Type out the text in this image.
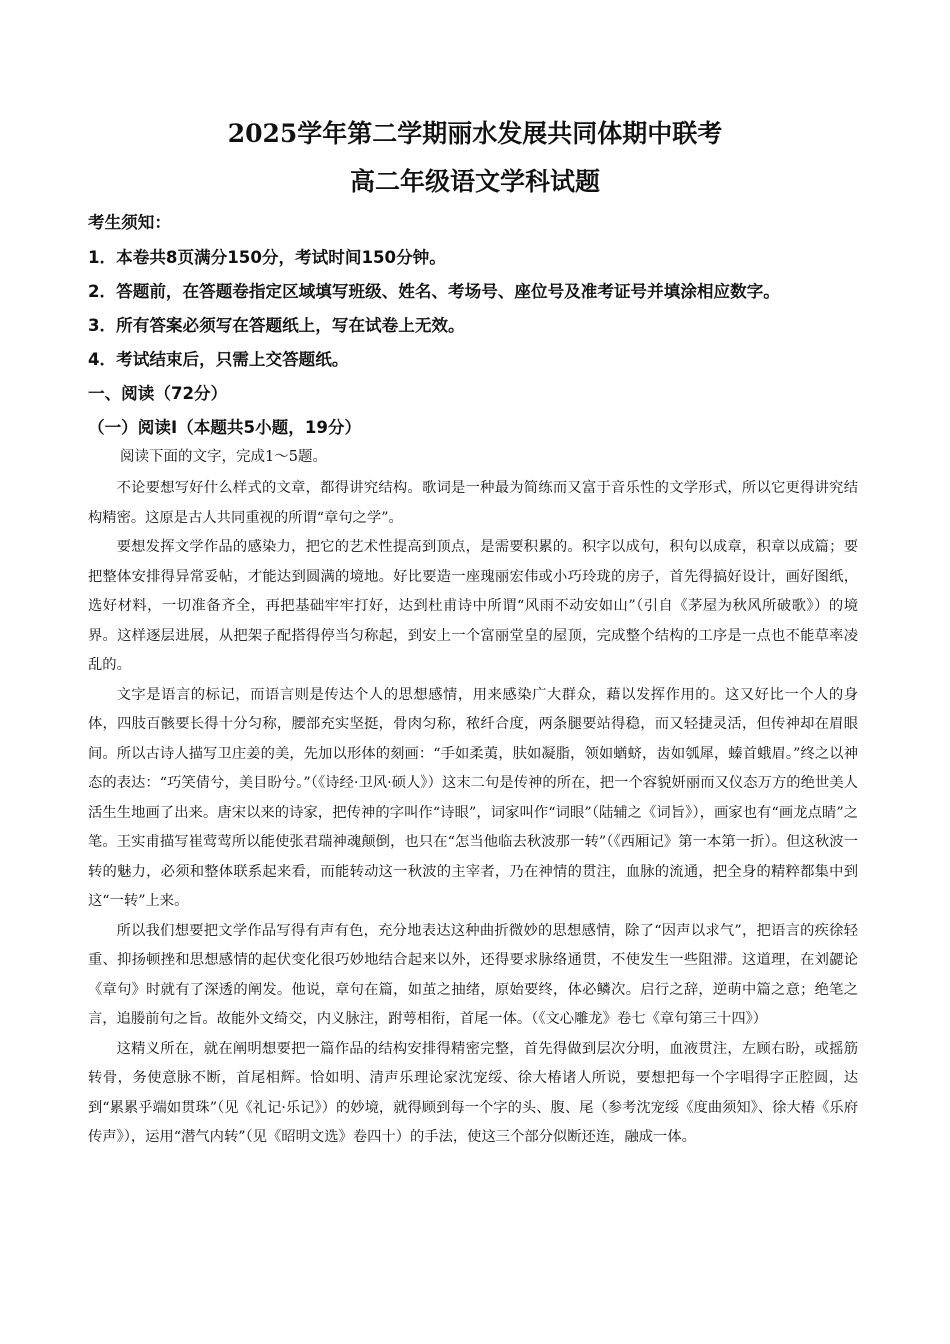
2025学年第二学期丽水发展共同体期中联考
高二年级语文学科试题
考生须知：
1．本卷共8页满分150分，考试时间150分钟。
2．答题前，在答题卷指定区域填写班级、姓名、考场号、座位号及准考证号并填涂相应数字。
3．所有答案必须写在答题纸上，写在试卷上无效。
4．考试结束后，只需上交答题纸。
一、阅读（72分）
（一）阅读Ⅰ（本题共5小题，19分）
阅读下面的文字，完成1～5题。

不论要想写好什么样式的文章，都得讲究结构。歌词是一种最为简练而又富于音乐性的文学形式，所以它更得讲究结构精密。这原是古人共同重视的所谓“章句之学”。

要想发挥文学作品的感染力，把它的艺术性提高到顶点，是需要积累的。积字以成句，积句以成章，积章以成篇；要把整体安排得异常妥帖，才能达到圆满的境地。好比要造一座瑰丽宏伟或小巧玲珑的房子，首先得搞好设计，画好图纸，选好材料，一切准备齐全，再把基础牢牢打好，达到杜甫诗中所谓“风雨不动安如山”（引自《茅屋为秋风所破歌》）的境界。这样逐层进展，从把架子配搭得停当匀称起，到安上一个富丽堂皇的屋顶，完成整个结构的工序是一点也不能草率凌乱的。

文字是语言的标记，而语言则是传达个人的思想感情，用来感染广大群众，藉以发挥作用的。这又好比一个人的身体，四肢百骸要长得十分匀称，腰部充实坚挺，骨肉匀称，秾纤合度，两条腿要站得稳，而又轻捷灵活，但传神却在眉眼间。所以古诗人描写卫庄姜的美，先加以形体的刻画：“手如柔荑，肤如凝脂，领如蝤蛴，齿如瓠犀，螓首蛾眉。”终之以神态的表达：“巧笑倩兮，美目盼兮。”（《诗经·卫风·硕人》）这末二句是传神的所在，把一个容貌妍丽而又仪态万方的绝世美人活生生地画了出来。唐宋以来的诗家，把传神的字叫作“诗眼”，词家叫作“词眼”（陆辅之《词旨》），画家也有“画龙点睛”之笔。王实甫描写崔莺莺所以能使张君瑞神魂颠倒，也只在“怎当他临去秋波那一转”（《西厢记》第一本第一折）。但这秋波一转的魅力，必须和整体联系起来看，而能转动这一秋波的主宰者，乃在神情的贯注，血脉的流通，把全身的精粹都集中到这“一转”上来。

所以我们想要把文学作品写得有声有色，充分地表达这种曲折微妙的思想感情，除了“因声以求气”，把语言的疾徐轻重、抑扬顿挫和思想感情的起伏变化很巧妙地结合起来以外，还得要求脉络通贯，不使发生一些阻滞。这道理，在刘勰论《章句》时就有了深透的阐发。他说，章句在篇，如茧之抽绪，原始要终，体必鳞次。启行之辞，逆萌中篇之意；绝笔之言，追媵前句之旨。故能外文绮交，内义脉注，跗萼相衔，首尾一体。（《文心雕龙》卷七《章句第三十四》）

这精义所在，就在阐明想要把一篇作品的结构安排得精密完整，首先得做到层次分明，血液贯注，左顾右盼，或摇筋转骨，务使意脉不断，首尾相辉。恰如明、清声乐理论家沈宠绥、徐大椿诸人所说，要想把每一个字唱得字正腔圆，达到“累累乎端如贯珠”（见《礼记·乐记》）的妙境，就得顾到每一个字的头、腹、尾（参考沈宠绥《度曲须知》、徐大椿《乐府传声》），运用“潜气内转”（见《昭明文选》卷四十）的手法，使这三个部分似断还连，融成一体。
